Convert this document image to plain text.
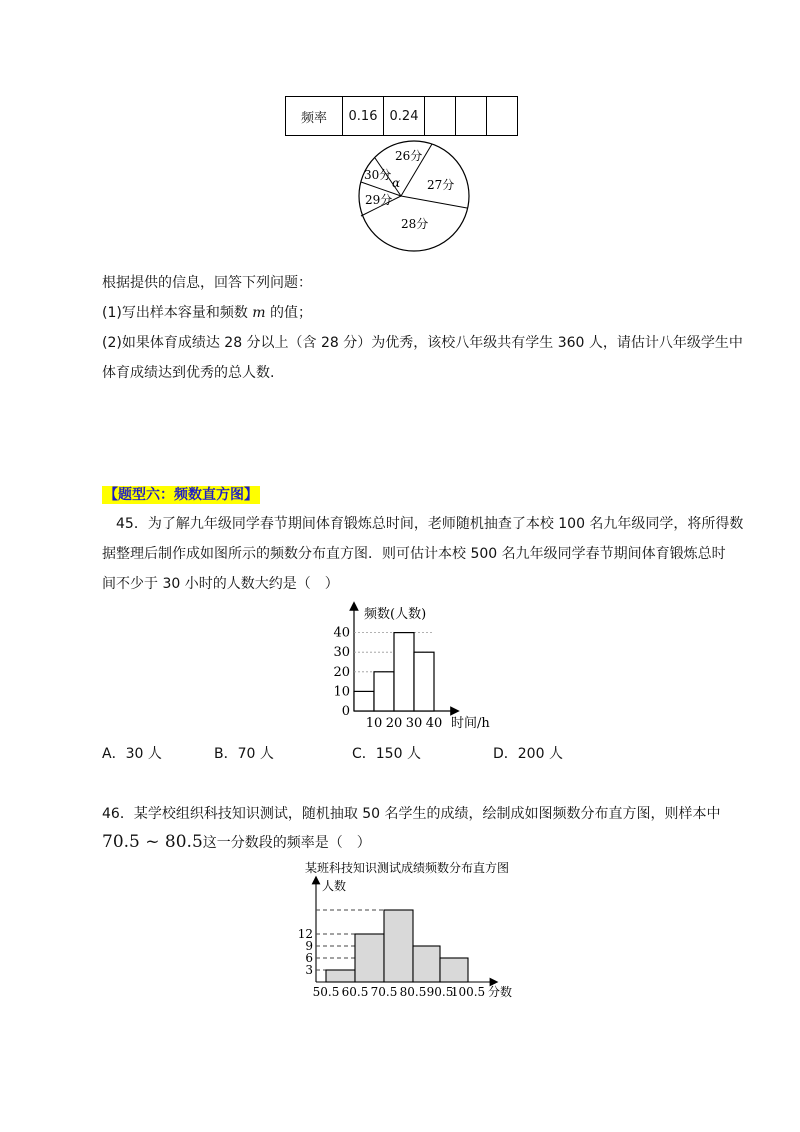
频率	0.16	0.24			
26分
27分
28分
29分
30分
α
根据提供的信息，回答下列问题：
(1)写出样本容量和频数 m 的值；
(2)如果体育成绩达 28 分以上（含 28 分）为优秀，该校八年级共有学生 360 人，请估计八年级学生中
体育成绩达到优秀的总人数.
【题型六：频数直方图】
45．为了解九年级同学春节期间体育锻炼总时间，老师随机抽查了本校 100 名九年级同学，将所得数
据整理后制作成如图所示的频数分布直方图．则可估计本校 500 名九年级同学春节期间体育锻炼总时
间不少于 30 小时的人数大约是（　）
频数(人数)
时间/h
0
10
20
30
40
10 20 30 40
A．30 人	B．70 人	C．150 人	D．200 人
46．某学校组织科技知识测试，随机抽取 50 名学生的成绩，绘制成如图频数分布直方图，则样本中
70.5 ~ 80.5这一分数段的频率是（　）
某班科技知识测试成绩频数分布直方图
人数
分数
3
6
9
12
50.5 60.5 70.5 80.5 90.5
100.5
